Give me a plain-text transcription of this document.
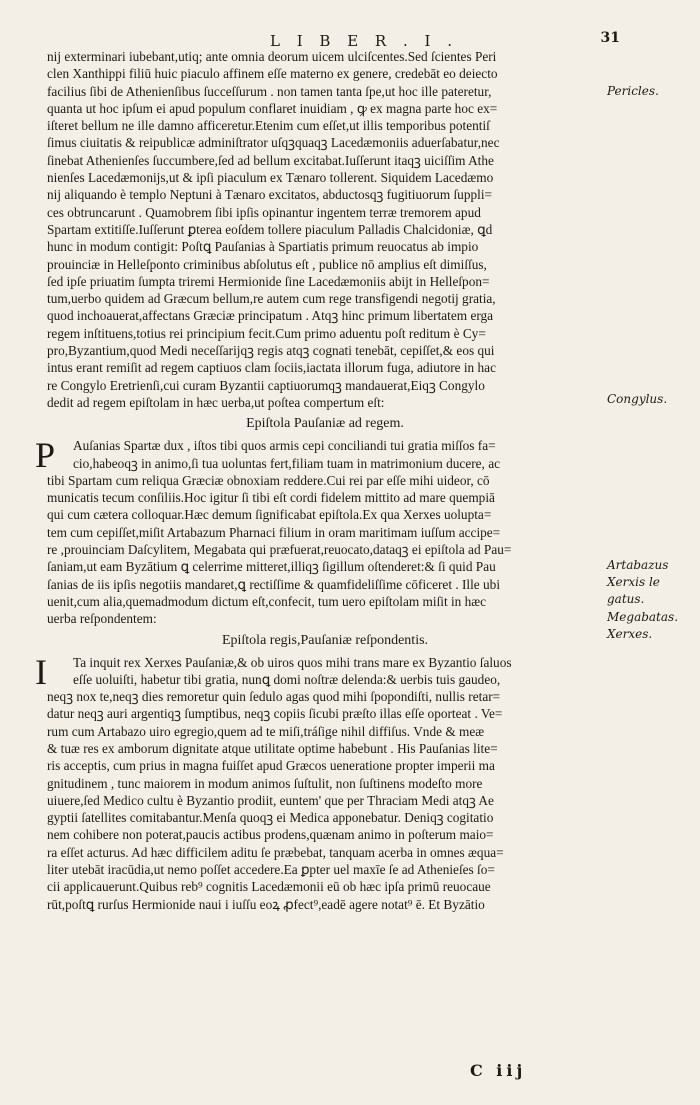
L I B E R . I .	31
nij exterminari iubebant,utiq; ante omnia deorum uicem ulciſcentes.Sed ſcientes Peri
clen Xanthippi filiū huic piaculo affinem eſſe materno ex genere, credebāt eo deiecto
facilius ſibi de Athenienſibus ſucceſſurum . non tamen tanta ſpe,ut hoc ille pateretur,
quanta ut hoc ipſum ei apud populum conflaret inuidiam , ꝙ ex magna parte hoc ex=
iſteret bellum ne ille damno afficeretur.Etenim cum eſſet,ut illis temporibus potentiſ
ſimus ciuitatis & reipublicæ adminiſtrator uſqꝫquaqꝫ Lacedæmoniis aduerſabatur,nec
ſinebat Athenienſes ſuccumbere,ſed ad bellum excitabat.Iuſſerunt itaqꝫ uiciſſim Athe
nienſes Lacedæmonijs,ut & ipſi piaculum ex Tænaro tollerent. Siquidem Lacedæmo
nij aliquando è templo Neptuni à Tænaro excitatos, abductosqꝫ fugitiuorum ſuppli=
ces obtruncarunt . Quamobrem ſibi ipſis opinantur ingentem terræ tremorem apud
Spartam extitiſſe.Iuſſerunt ꝑterea eoſdem tollere piaculum Palladis Chalcidoniæ, ꝗd
hunc in modum contigit: Poſtꝗ Pauſanias à Spartiatis primum reuocatus ab impio
prouinciæ in Helleſponto criminibus abſolutus eſt , publice nō amplius eſt dimiſſus,
ſed ipſe priuatim ſumpta triremi Hermionide ſine Lacedæmoniis abijt in Helleſpon=
tum,uerbo quidem ad Græcum bellum,re autem cum rege transfigendi negotij gratia,
quod inchoauerat,affectans Græciæ principatum . Atqꝫ hinc primum libertatem erga
regem inſtituens,totius rei principium fecit.Cum primo aduentu poſt reditum è Cy=
pro,Byzantium,quod Medi neceſſarijqꝫ regis atqꝫ cognati tenebāt, cepiſſet,& eos qui
intus erant remiſit ad regem captiuos clam ſociis,iactata illorum fuga, adiutore in hac
re Congylo Eretrienſi,cui curam Byzantii captiuorumqꝫ mandauerat,Eiqꝫ Congylo
dedit ad regem epiſtolam in hæc uerba,ut poſtea compertum eſt:
Epiſtola Pauſaniæ ad regem.
P Auſanias Spartæ dux , iſtos tibi quos armis cepi conciliandi tui gratia miſſos fa=
cio,habeoqꝫ in animo,ſi tua uoluntas fert,filiam tuam in matrimonium ducere, ac
tibi Spartam cum reliqua Græciæ obnoxiam reddere.Cui rei par eſſe mihi uideor, cō
municatis tecum conſiliis.Hoc igitur ſi tibi eſt cordi fidelem mittito ad mare quempiā
qui cum cætera colloquar.Hæc demum ſignificabat epiſtola.Ex qua Xerxes uolupta=
tem cum cepiſſet,miſit Artabazum Pharnaci filium in oram maritimam iuſſum accipe=
re ,prouinciam Daſcylitem, Megabata qui præfuerat,reuocato,dataqꝫ ei epiſtola ad Pau=
ſaniam,ut eam Byzātium ꝗ celerrime mitteret,illiqꝫ ſigillum oſtenderet:& ſi quid Pau
ſanias de iis ipſis negotiis mandaret,ꝗ rectiſſime & quamfideliſſime cōficeret . Ille ubi
uenit,cum alia,quemadmodum dictum eſt,confecit, tum uero epiſtolam miſit in hæc
uerba reſpondentem:
Epiſtola regis,Pauſaniæ reſpondentis.
I Ta inquit rex Xerxes Pauſaniæ,& ob uiros quos mihi trans mare ex Byzantio ſaluos
eſſe uoluiſti, habetur tibi gratia, nunꝗ domi noſtræ delenda:& uerbis tuis gaudeo,
neqꝫ nox te,neqꝫ dies remoretur quin ſedulo agas quod mihi ſpopondiſti, nullis retar=
datur neqꝫ auri argentiqꝫ ſumptibus, neqꝫ copiis ſicubi præſto illas eſſe oporteat . Ve=
rum cum Artabazo uiro egregio,quem ad te miſi,tráſige nihil diffiſus. Vnde & meæ
& tuæ res ex amborum dignitate atque utilitate optime habebunt . His Pauſanias lite=
ris acceptis, cum prius in magna fuiſſet apud Græcos ueneratione propter imperii ma
gnitudinem , tunc maiorem in modum animos ſuſtulit, non ſuſtinens modeſto more
uiuere,ſed Medico cultu è Byzantio prodiit, euntem' que per Thraciam Medi atqꝫ Ae
gyptii ſatellites comitabantur.Menſa quoqꝫ ei Medica apponebatur. Deniqꝫ cogitatio
nem cohibere non poterat,paucis actibus prodens,quænam animo in poſterum maio=
ra eſſet acturus. Ad hæc difficilem aditu ſe præbebat, tanquam acerba in omnes æqua=
liter utebāt iracūdia,ut nemo poſſet accedere.Ea ꝑpter uel maxīe ſe ad Athenieſes ſo=
cii applicauerunt.Quibus reb⁹ cognitis Lacedæmonii eū ob hæc ipſa primū reuocaue
rūt,poſtꝗ rurſus Hermionide naui i iuſſu eoꝝ ꝓfect⁹,eadē agere notat⁹ ē. Et Byzātio
Pericles.
Congylus.
Artabazus
Xerxis le
gatus.
Megabatas.
Xerxes.
C iij
